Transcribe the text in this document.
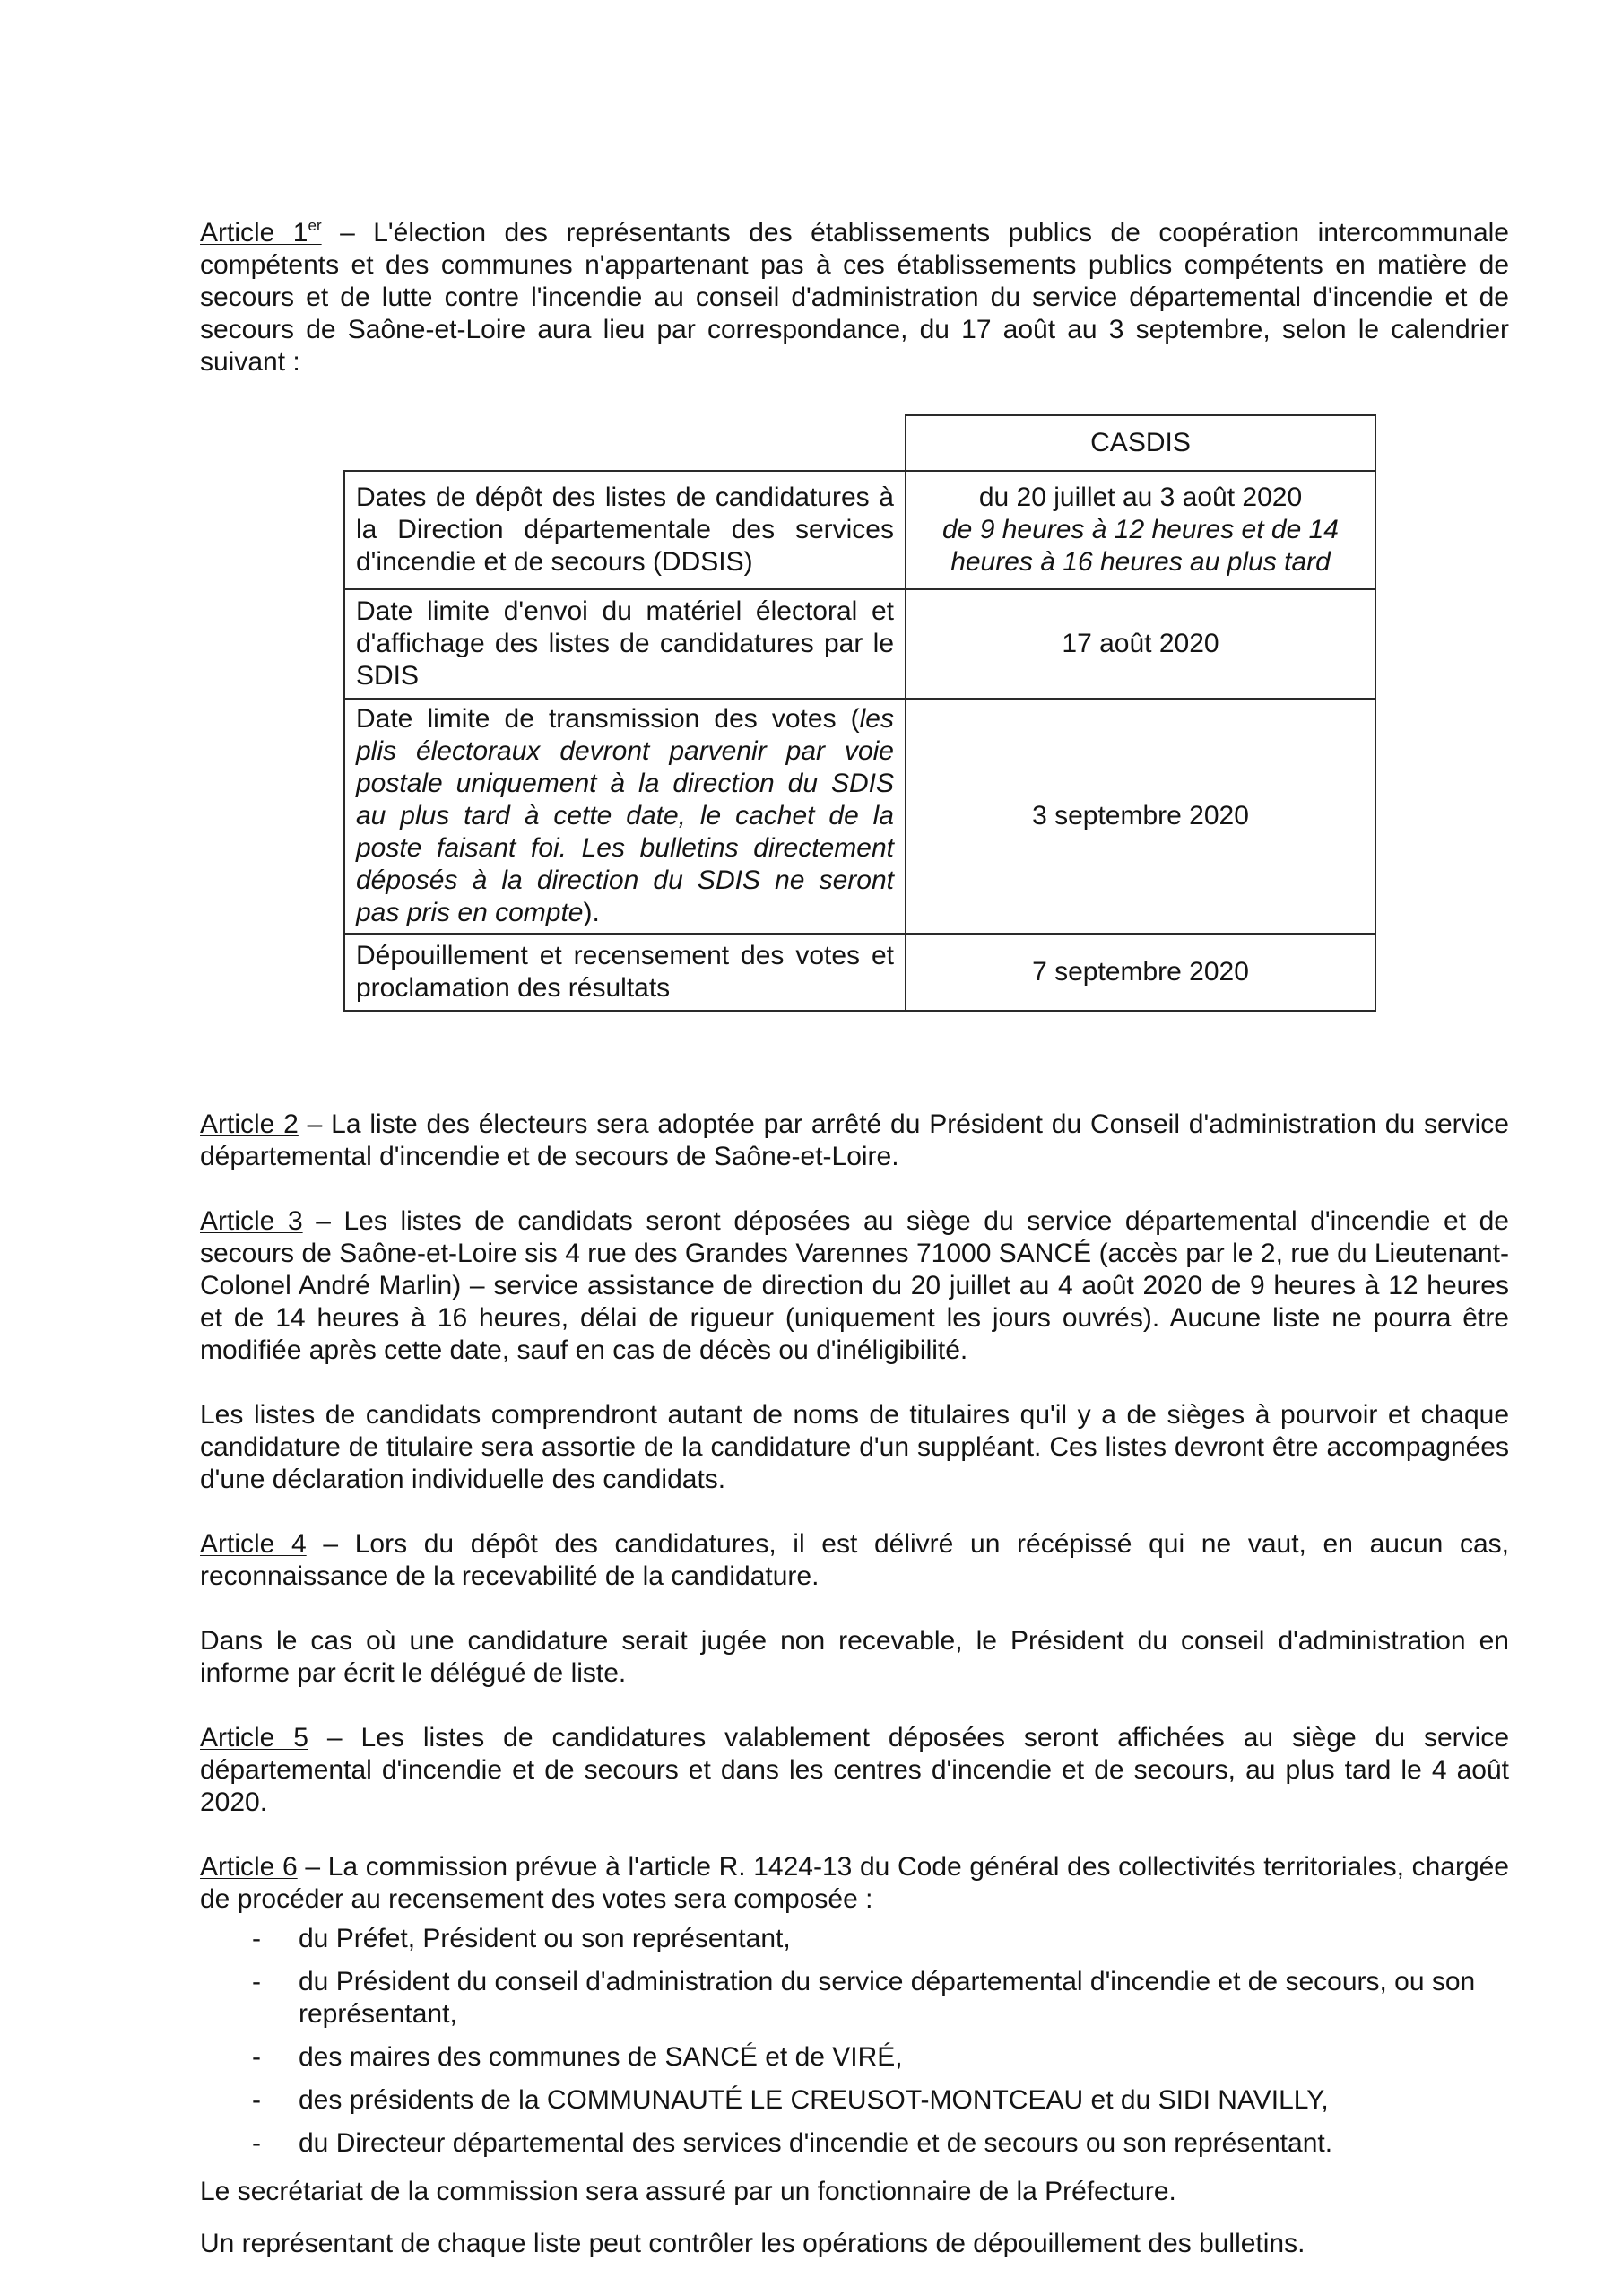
Article 1er – L'élection des représentants des établissements publics de coopération intercommunale compétents et des communes n'appartenant pas à ces établissements publics compétents en matière de secours et de lutte contre l'incendie au conseil d'administration du service départemental d'incendie et de secours de Saône-et-Loire aura lieu par correspondance, du 17 août au 3 septembre, selon le calendrier suivant :

	CASDIS
Dates de dépôt des listes de candidatures à la Direction départementale des services d'incendie et de secours (DDSIS)	du 20 juillet au 3 août 2020
de 9 heures à 12 heures et de 14 heures à 16 heures au plus tard

Date limite d'envoi du matériel électoral et d'affichage des listes de candidatures par le SDIS	17 août 2020
Date limite de transmission des votes (les plis électoraux devront parvenir par voie postale uniquement à la direction du SDIS au plus tard à cette date, le cachet de la poste faisant foi. Les bulletins directement déposés à la direction du SDIS ne seront pas pris en compte).	3 septembre 2020
Dépouillement et recensement des votes et proclamation des résultats	7 septembre 2020

Article 2 – La liste des électeurs sera adoptée par arrêté du Président du Conseil d'administration du service départemental d'incendie et de secours de Saône-et-Loire.

Article 3 – Les listes de candidats seront déposées au siège du service départemental d'incendie et de secours de Saône-et-Loire sis 4 rue des Grandes Varennes 71000 SANCÉ (accès par le 2, rue du Lieutenant-Colonel André Marlin) – service assistance de direction du 20 juillet au 4 août 2020 de 9 heures à 12 heures et de 14 heures à 16 heures, délai de rigueur (uniquement les jours ouvrés). Aucune liste ne pourra être modifiée après cette date, sauf en cas de décès ou d'inéligibilité.

Les listes de candidats comprendront autant de noms de titulaires qu'il y a de sièges à pourvoir et chaque candidature de titulaire sera assortie de la candidature d'un suppléant. Ces listes devront être accompagnées d'une déclaration individuelle des candidats.

Article 4 – Lors du dépôt des candidatures, il est délivré un récépissé qui ne vaut, en aucun cas, reconnaissance de la recevabilité de la candidature.

Dans le cas où une candidature serait jugée non recevable, le Président du conseil d'administration en informe par écrit le délégué de liste.

Article 5 – Les listes de candidatures valablement déposées seront affichées au siège du service départemental d'incendie et de secours et dans les centres d'incendie et de secours, au plus tard le 4 août 2020.

Article 6 – La commission prévue à l'article R. 1424-13 du Code général des collectivités territoriales, chargée de procéder au recensement des votes sera composée :

- du Préfet, Président ou son représentant,
- du Président du conseil d'administration du service départemental d'incendie et de secours, ou son représentant,
- des maires des communes de SANCÉ et de VIRÉ,
- des présidents de la COMMUNAUTÉ LE CREUSOT-MONTCEAU et du SIDI NAVILLY,
- du Directeur départemental des services d'incendie et de secours ou son représentant.

Le secrétariat de la commission sera assuré par un fonctionnaire de la Préfecture.

Un représentant de chaque liste peut contrôler les opérations de dépouillement des bulletins.
